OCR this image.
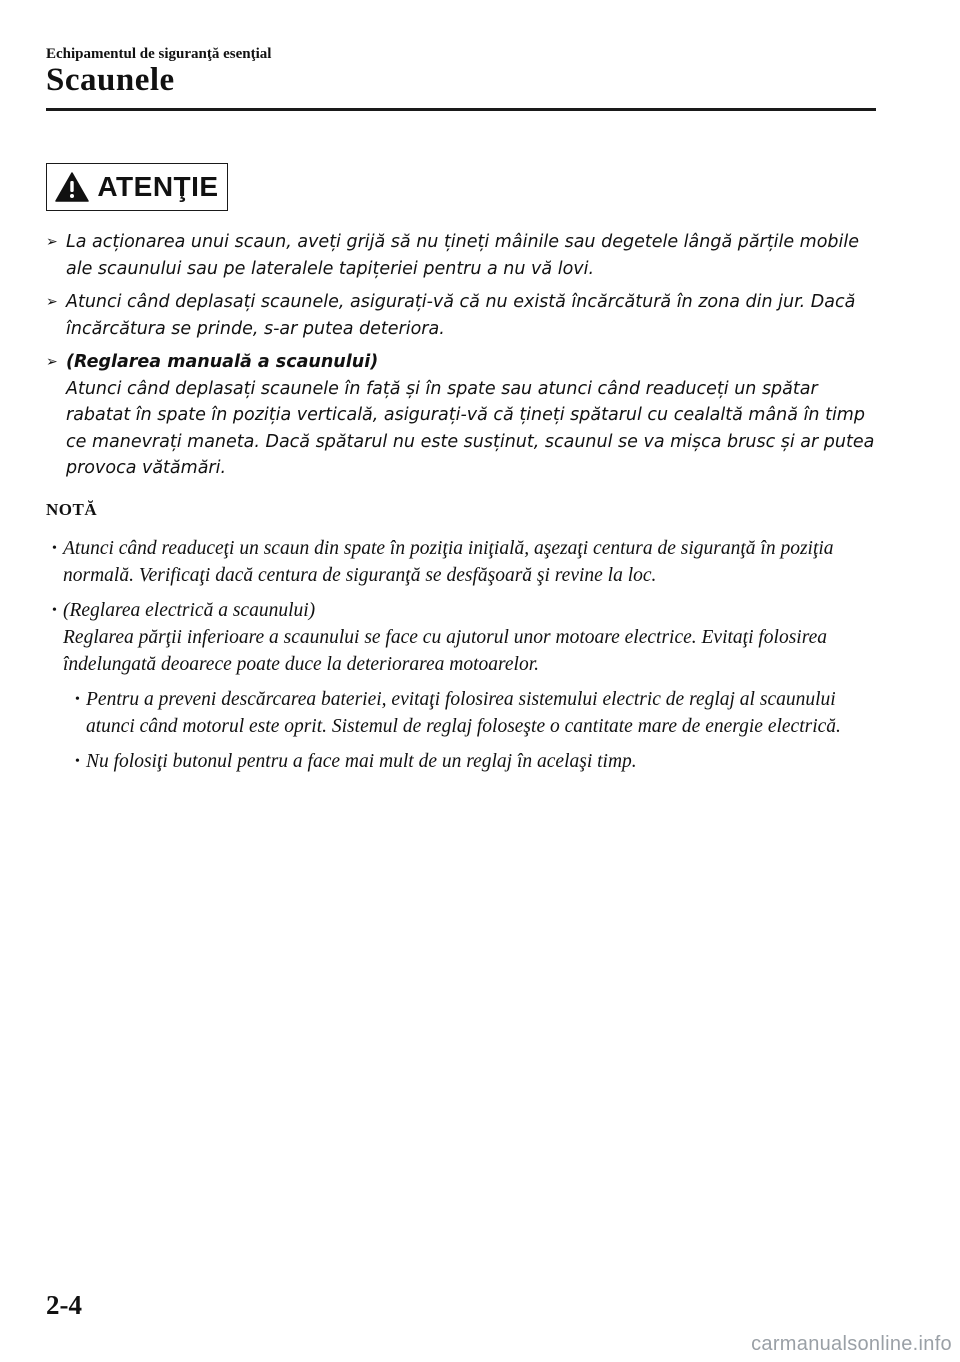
Echipamentul de siguranţă esenţial
Scaunele
ATENŢIE
➢ La acționarea unui scaun, aveți grijă să nu țineți mâinile sau degetele lângă părțile mobile ale scaunului sau pe lateralele tapițeriei pentru a nu vă lovi.
➢ Atunci când deplasați scaunele, asigurați-vă că nu există încărcătură în zona din jur. Dacă încărcătura se prinde, s-ar putea deteriora.
➢ (Reglarea manuală a scaunului)
Atunci când deplasați scaunele în față și în spate sau atunci când readuceți un spătar rabatat în spate în poziția verticală, asigurați-vă că țineți spătarul cu cealaltă mână în timp ce manevrați maneta. Dacă spătarul nu este susținut, scaunul se va mișca brusc și ar putea provoca vătămări.
NOTĂ
• Atunci când readuceţi un scaun din spate în poziţia iniţială, aşezaţi centura de siguranţă în poziţia normală. Verificaţi dacă centura de siguranţă se desfăşoară şi revine la loc.
• (Reglarea electrică a scaunului)
Reglarea părţii inferioare a scaunului se face cu ajutorul unor motoare electrice. Evitaţi folosirea îndelungată deoarece poate duce la deteriorarea motoarelor.
• Pentru a preveni descărcarea bateriei, evitaţi folosirea sistemului electric de reglaj al scaunului atunci când motorul este oprit. Sistemul de reglaj foloseşte o cantitate mare de energie electrică.
• Nu folosiţi butonul pentru a face mai mult de un reglaj în acelaşi timp.
2-4
carmanualsonline.info
